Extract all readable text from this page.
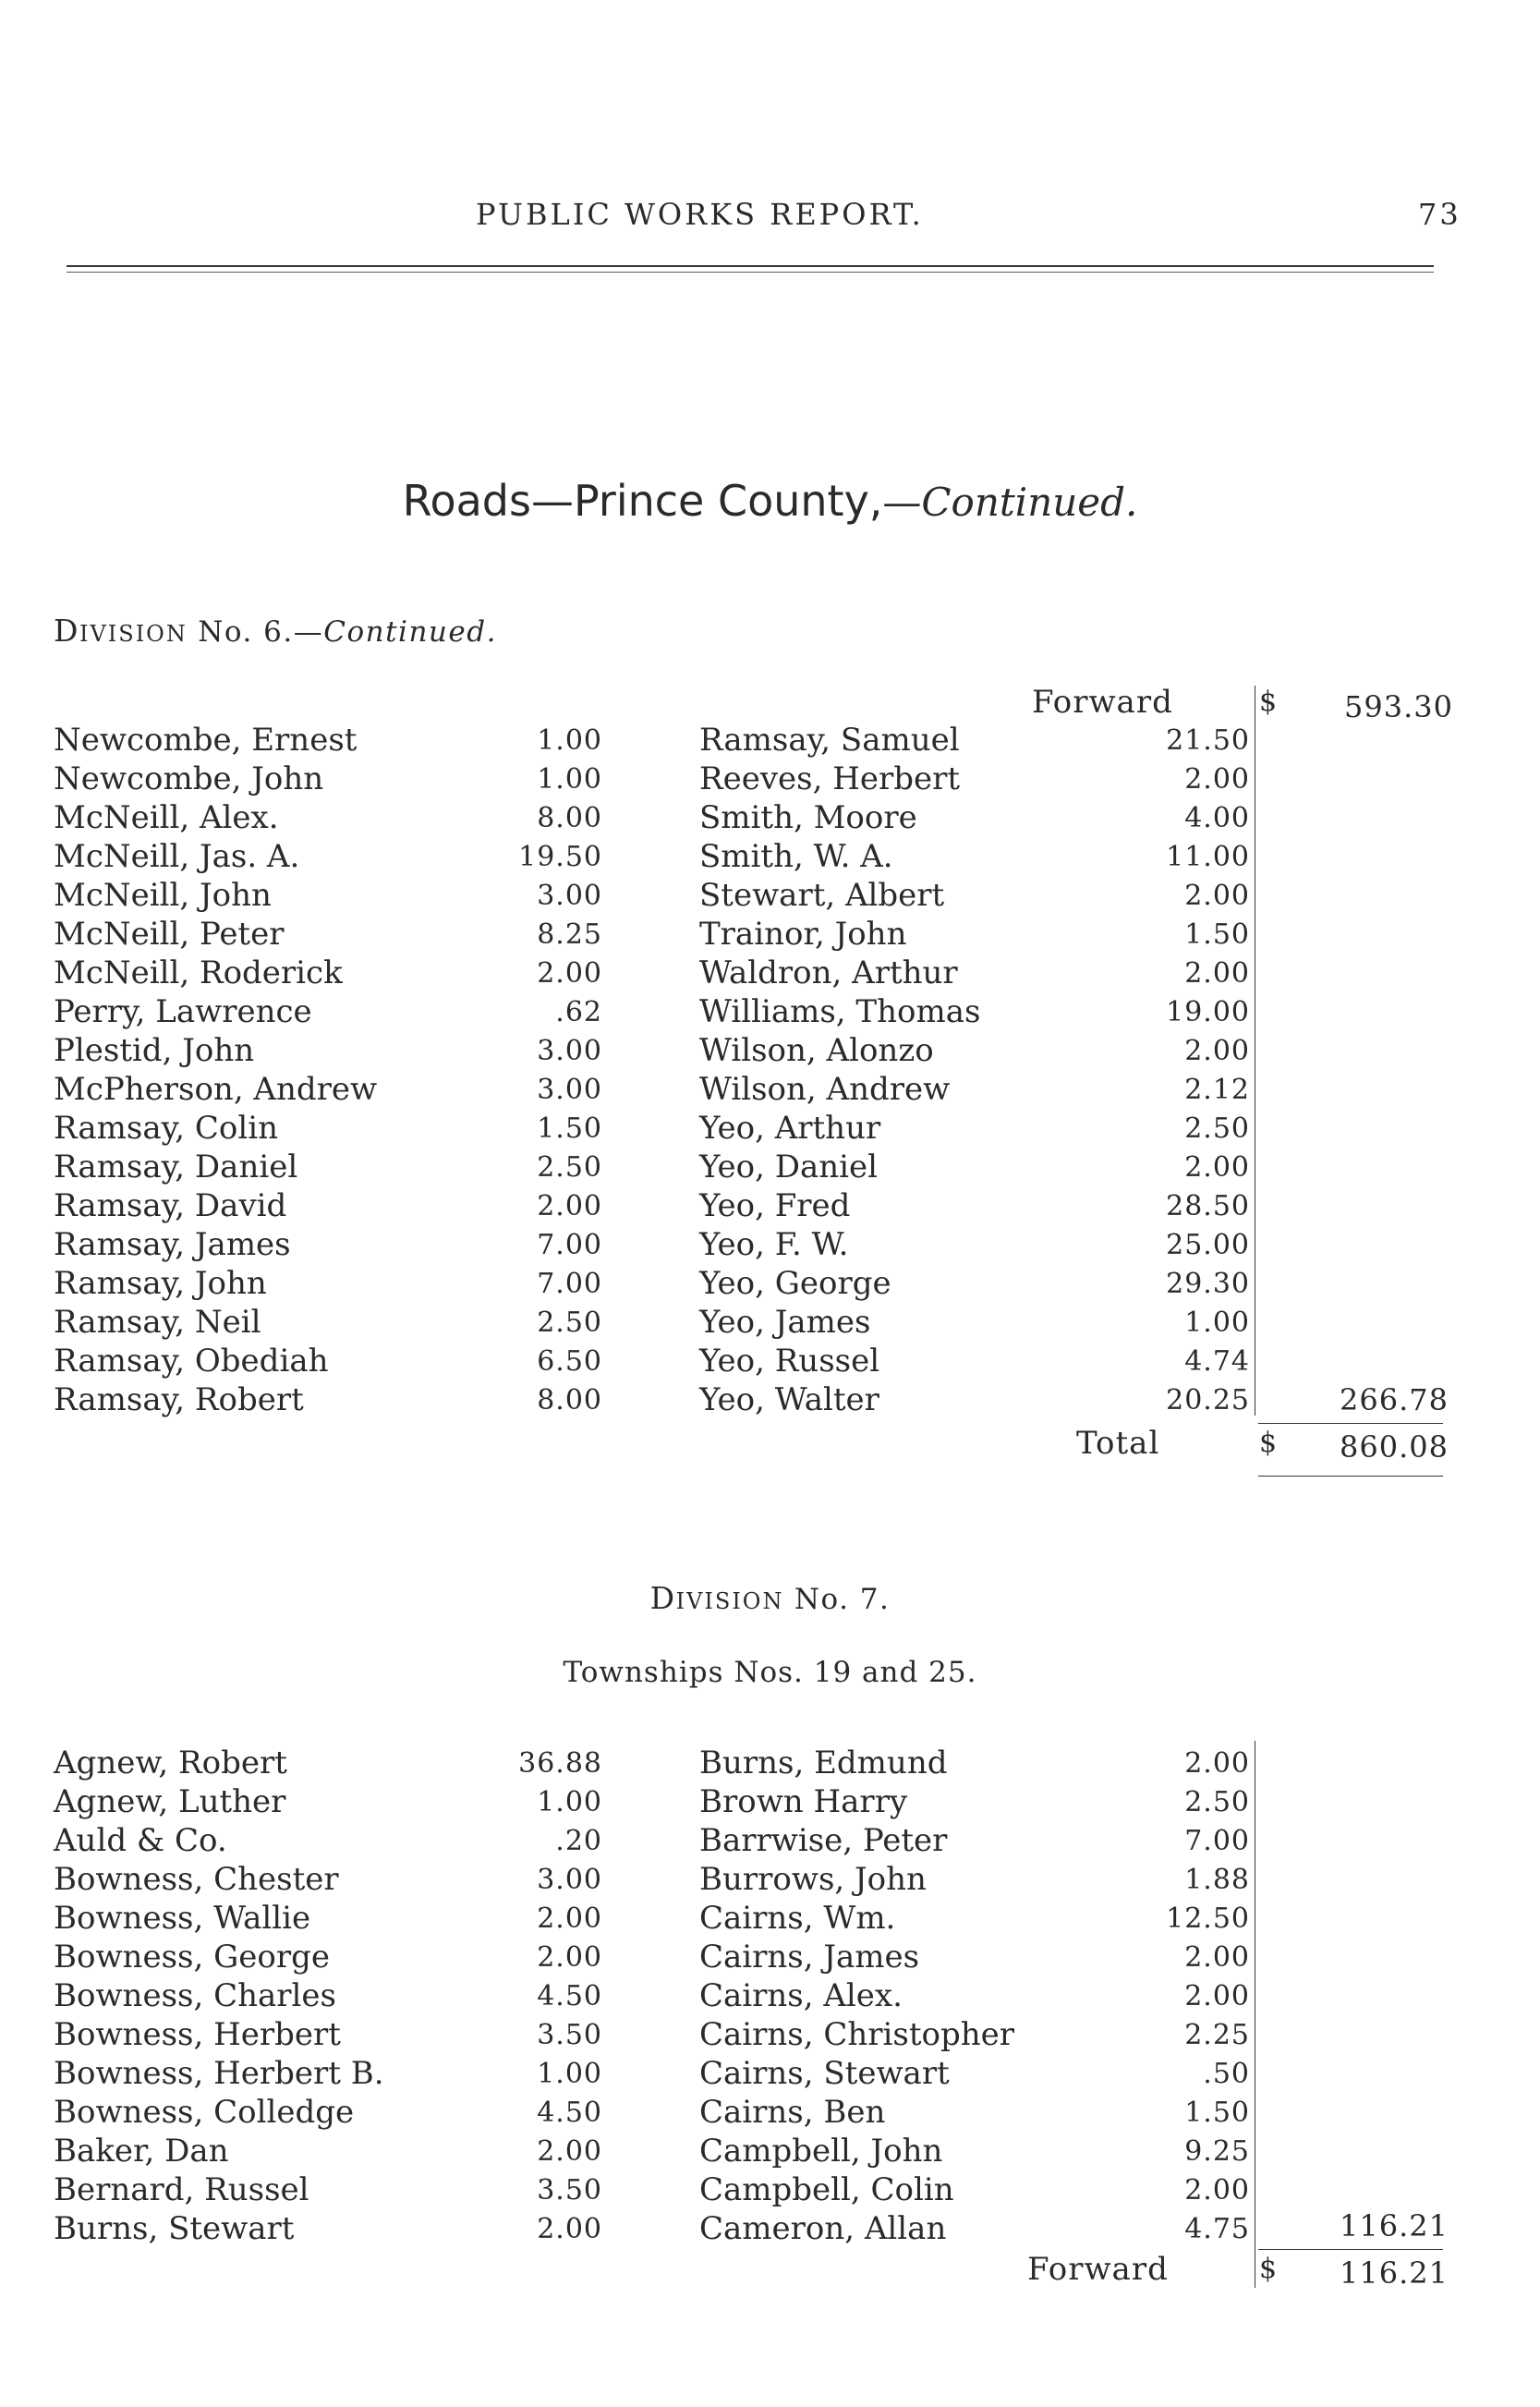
PUBLIC WORKS REPORT.	73
Roads—Prince County,—Continued.
DIVISION No. 6.—Continued.
Forward	$ 593.30
Newcombe, Ernest	1.00	Ramsay, Samuel	21.50
Newcombe, John	1.00	Reeves, Herbert	2.00
McNeill, Alex.	8.00	Smith, Moore	4.00
McNeill, Jas. A.	19.50	Smith, W. A.	11.00
McNeill, John	3.00	Stewart, Albert	2.00
McNeill, Peter	8.25	Trainor, John	1.50
McNeill, Roderick	2.00	Waldron, Arthur	2.00
Perry, Lawrence	.62	Williams, Thomas	19.00
Plestid, John	3.00	Wilson, Alonzo	2.00
McPherson, Andrew	3.00	Wilson, Andrew	2.12
Ramsay, Colin	1.50	Yeo, Arthur	2.50
Ramsay, Daniel	2.50	Yeo, Daniel	2.00
Ramsay, David	2.00	Yeo, Fred	28.50
Ramsay, James	7.00	Yeo, F. W.	25.00
Ramsay, John	7.00	Yeo, George	29.30
Ramsay, Neil	2.50	Yeo, James	1.00
Ramsay, Obediah	6.50	Yeo, Russel	4.74
Ramsay, Robert	8.00	Yeo, Walter	20.25	266.78
Total	$ 860.08
DIVISION No. 7.
Townships Nos. 19 and 25.
Agnew, Robert	36.88	Burns, Edmund	2.00
Agnew, Luther	1.00	Brown Harry	2.50
Auld & Co.	.20	Barrwise, Peter	7.00
Bowness, Chester	3.00	Burrows, John	1.88
Bowness, Wallie	2.00	Cairns, Wm.	12.50
Bowness, George	2.00	Cairns, James	2.00
Bowness, Charles	4.50	Cairns, Alex.	2.00
Bowness, Herbert	3.50	Cairns, Christopher	2.25
Bowness, Herbert B.	1.00	Cairns, Stewart	.50
Bowness, Colledge	4.50	Cairns, Ben	1.50
Baker, Dan	2.00	Campbell, John	9.25
Bernard, Russel	3.50	Campbell, Colin	2.00
Burns, Stewart	2.00	Cameron, Allan	4.75	116.21
Forward	$ 116.21
